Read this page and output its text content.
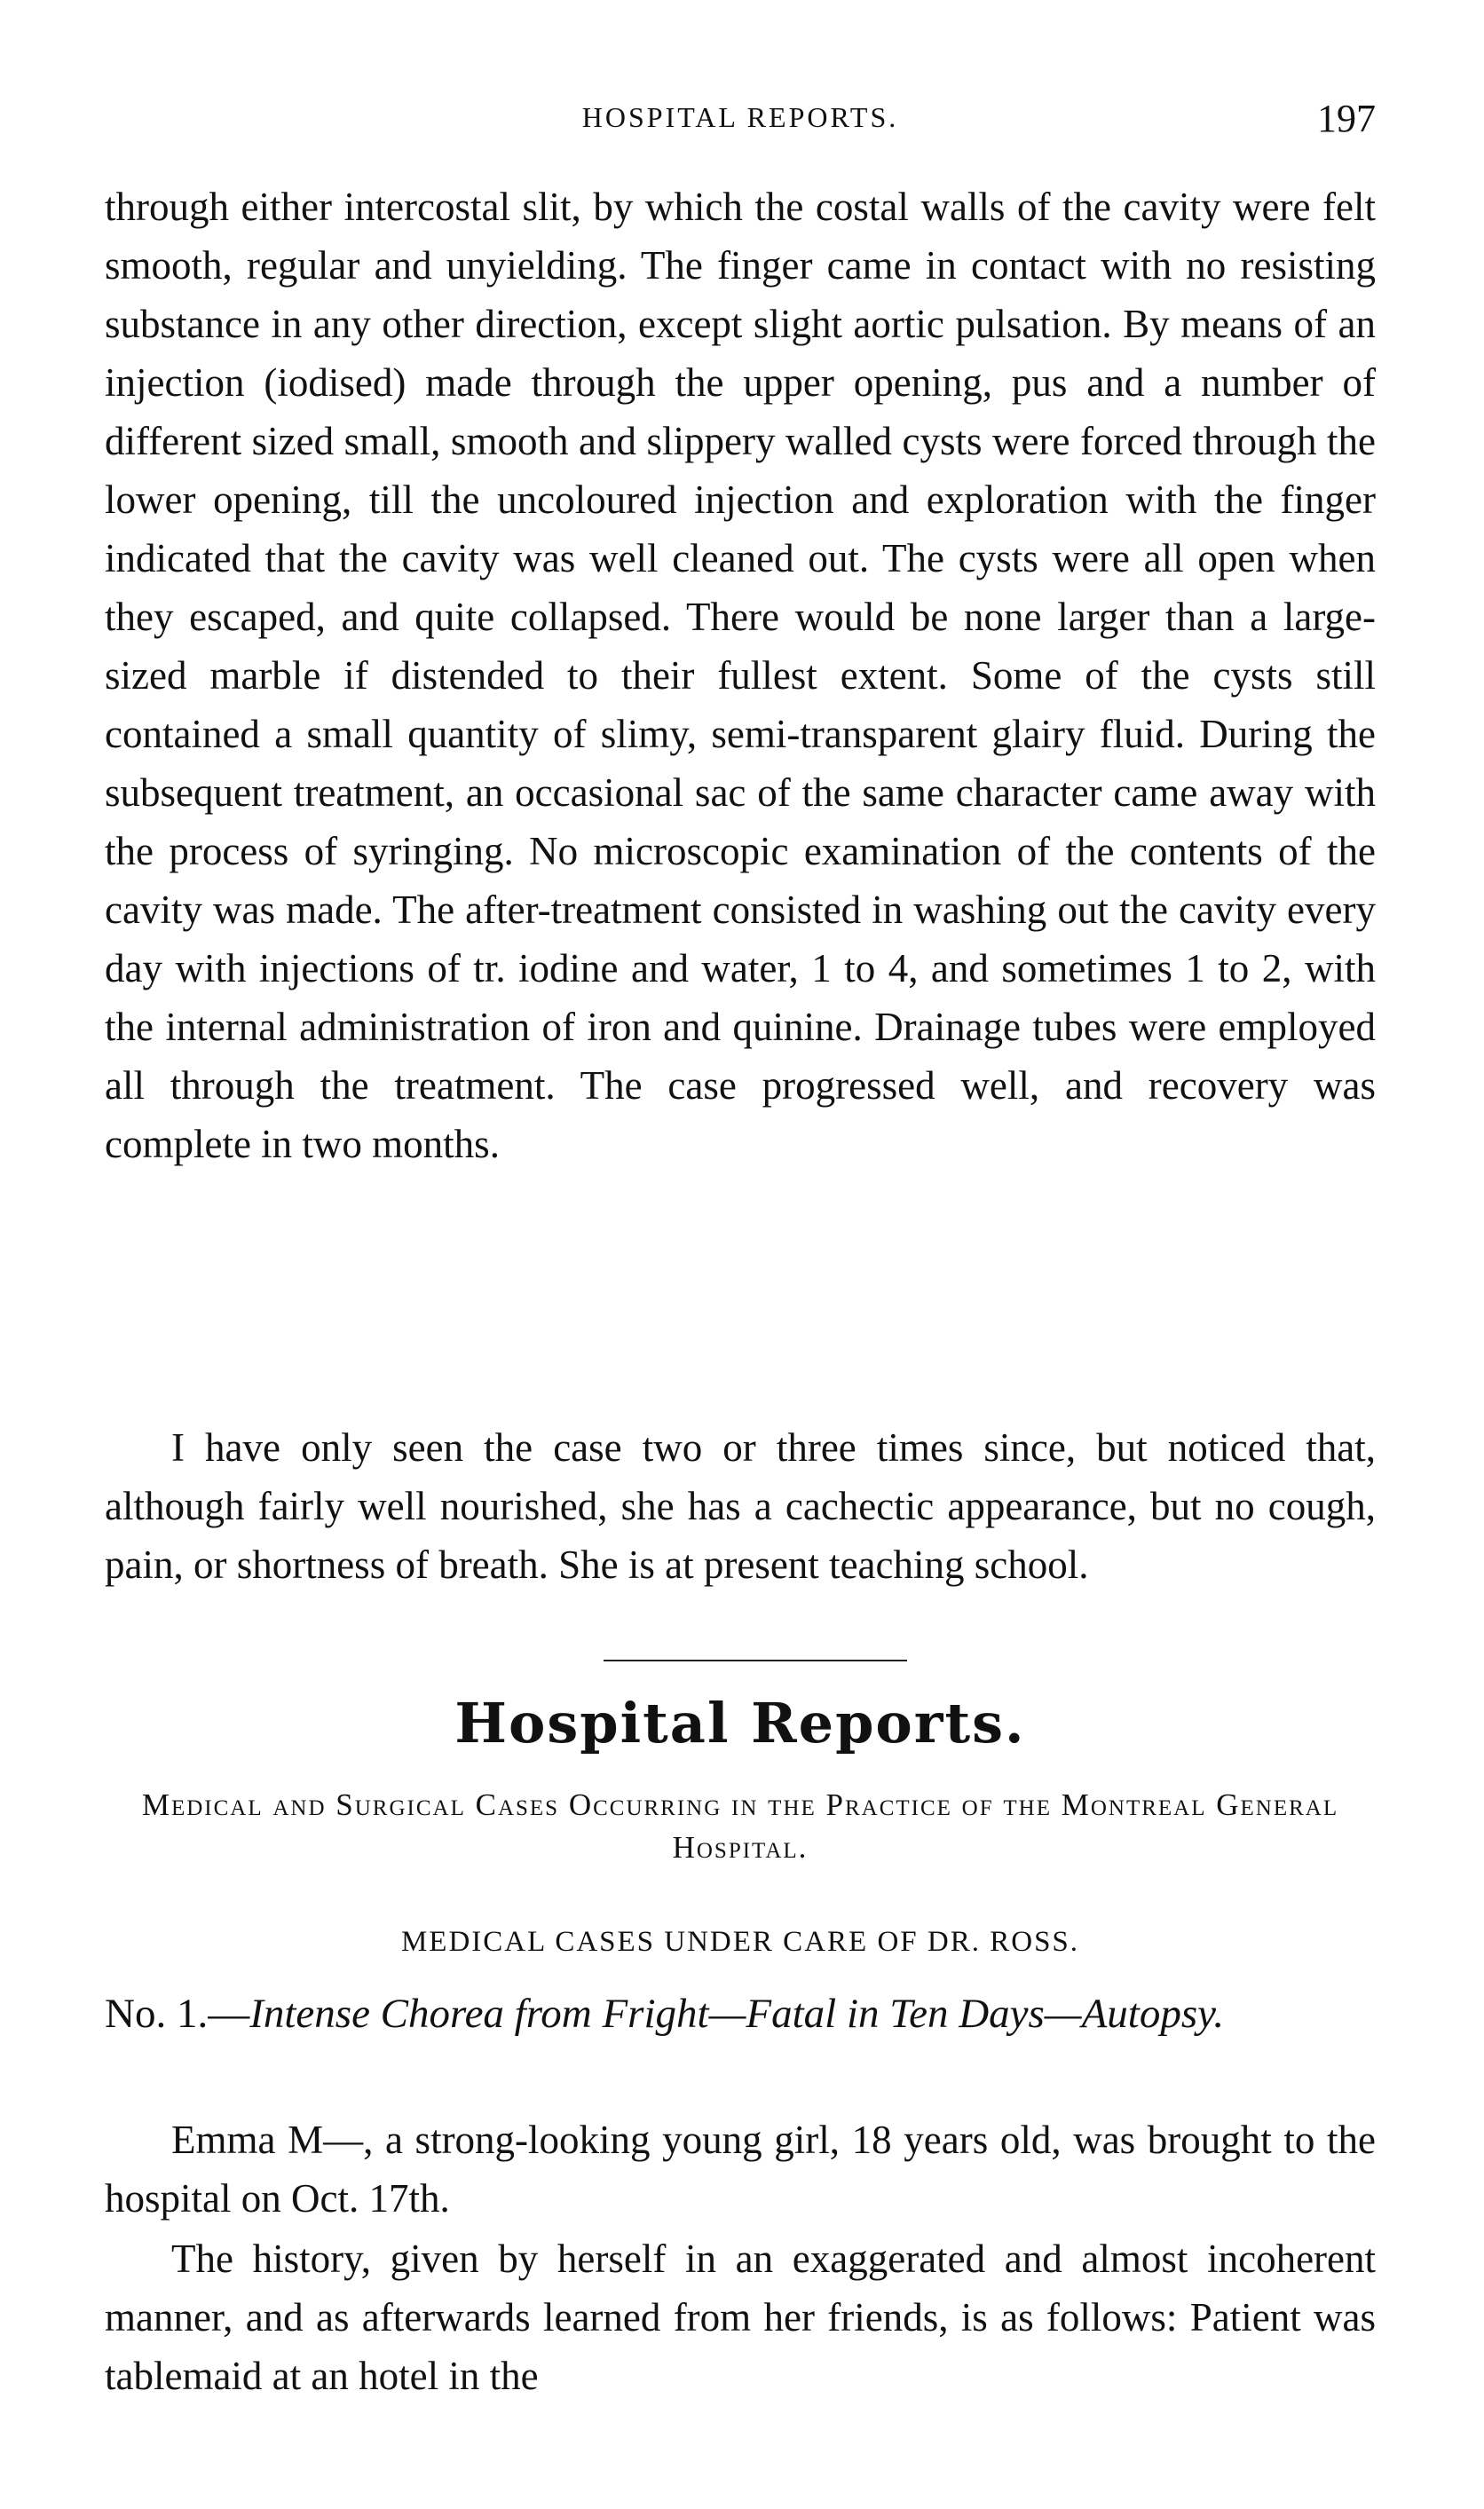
HOSPITAL REPORTS.	197

through either intercostal slit, by which the costal walls of the cavity were felt smooth, regular and unyielding. The finger came in contact with no resisting substance in any other direction, except slight aortic pulsation. By means of an injection (iodised) made through the upper opening, pus and a number of different sized small, smooth and slippery walled cysts were forced through the lower opening, till the uncoloured injection and exploration with the finger indicated that the cavity was well cleaned out. The cysts were all open when they escaped, and quite collapsed. There would be none larger than a large-sized marble if distended to their fullest extent. Some of the cysts still contained a small quantity of slimy, semi-transparent glairy fluid. During the subsequent treatment, an occasional sac of the same character came away with the process of syringing. No microscopic examination of the contents of the cavity was made. The after-treatment consisted in washing out the cavity every day with injections of tr. iodine and water, 1 to 4, and sometimes 1 to 2, with the internal administration of iron and quinine. Drainage tubes were employed all through the treatment. The case progressed well, and recovery was complete in two months.

I have only seen the case two or three times since, but noticed that, although fairly well nourished, she has a cachectic appearance, but no cough, pain, or shortness of breath. She is at present teaching school.

Hospital Reports.

Medical and Surgical Cases Occurring in the Practice of the Montreal General Hospital.

MEDICAL CASES UNDER CARE OF DR. ROSS.

No. 1.—Intense Chorea from Fright—Fatal in Ten Days—Autopsy.

Emma M—, a strong-looking young girl, 18 years old, was brought to the hospital on Oct. 17th.

The history, given by herself in an exaggerated and almost incoherent manner, and as afterwards learned from her friends, is as follows: Patient was tablemaid at an hotel in the
